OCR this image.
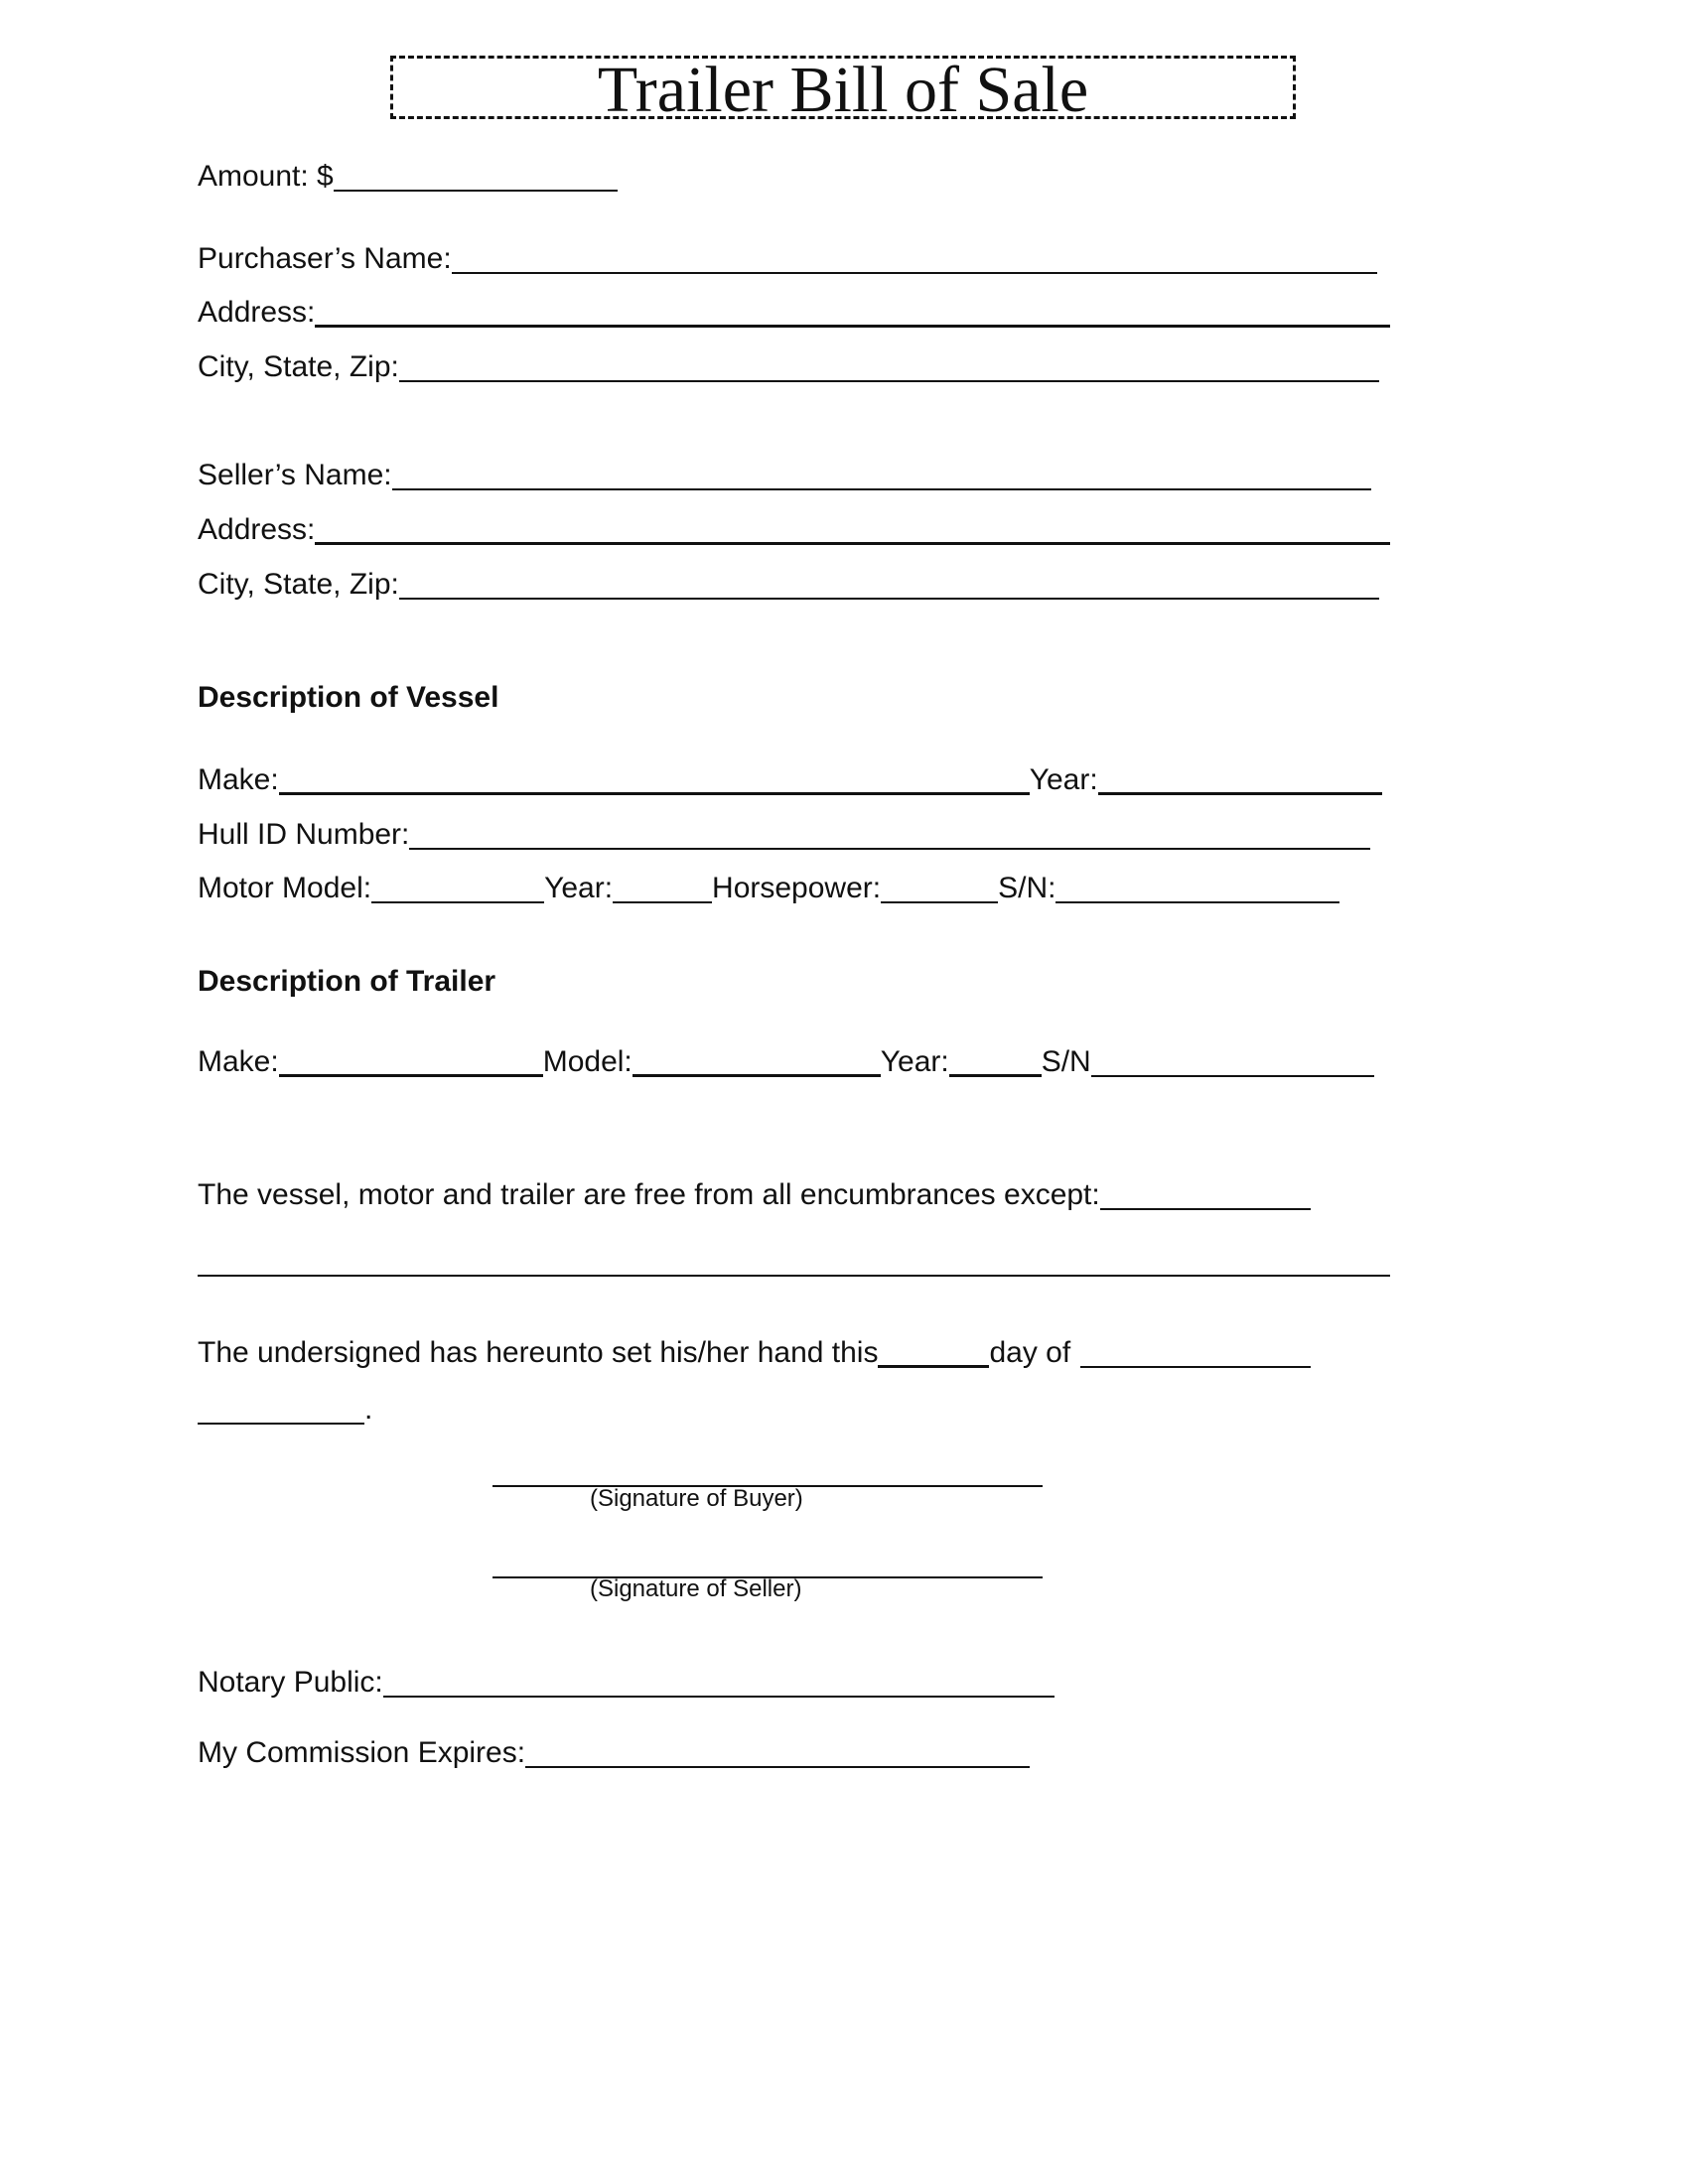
Trailer Bill of Sale
Amount: $
Purchaser’s Name:
Address:
City, State, Zip:
Seller’s Name:
Address:
City, State, Zip:
Description of Vessel
Make:	Year:
Hull ID Number:
Motor Model:	Year:	Horsepower:	S/N:
Description of Trailer
Make:	Model:	Year:	S/N
The vessel, motor and trailer are free from all encumbrances except:
The undersigned has hereunto set his/her hand this	day of
.
(Signature of Buyer)
(Signature of Seller)
Notary Public:
My Commission Expires:
